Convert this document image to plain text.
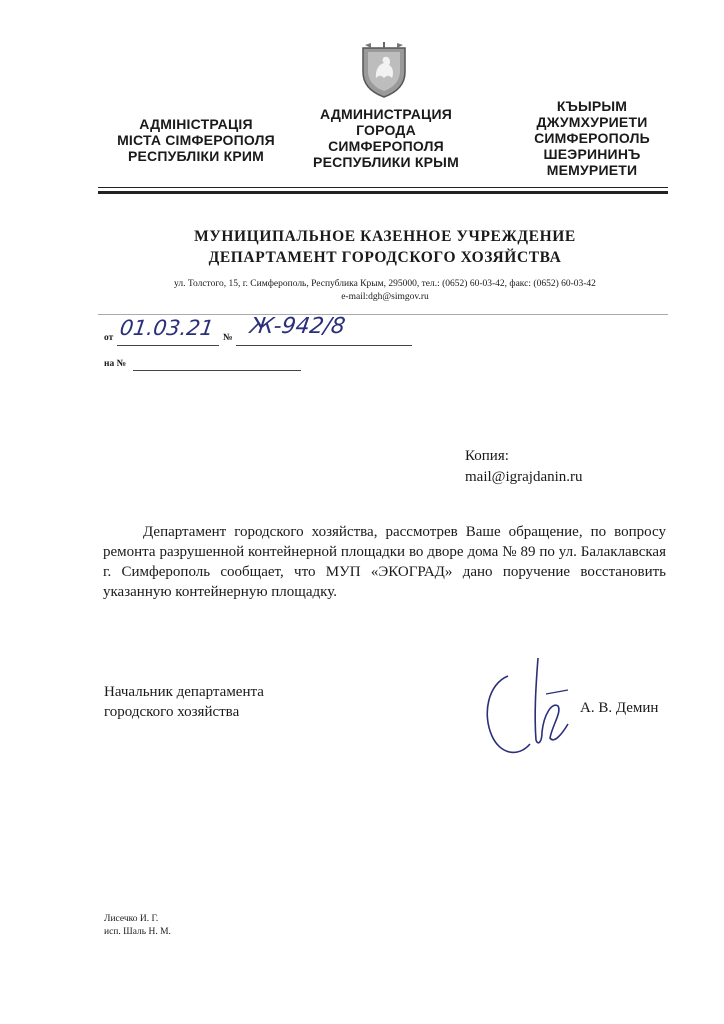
АДМІНІСТРАЦІЯ
МІСТА СІМФЕРОПОЛЯ
РЕСПУБЛІКИ КРИМ
АДМИНИСТРАЦИЯ
ГОРОДА
СИМФЕРОПОЛЯ
РЕСПУБЛИКИ КРЫМ
КЪЫРЫМ
ДЖУМХУРИЕТИ
СИМФЕРОПОЛЬ
ШЕЭРИНИНЪ
МЕМУРИЕТИ
МУНИЦИПАЛЬНОЕ КАЗЕННОЕ УЧРЕЖДЕНИЕ
ДЕПАРТАМЕНТ ГОРОДСКОГО ХОЗЯЙСТВА
ул. Толстого, 15, г. Симферополь, Республика Крым, 295000, тел.: (0652) 60-03-42, факс: (0652) 60-03-42
e-mail:dgh@simgov.ru
от 01.03.21 № Ж-942/8
на №
Копия:
mail@igrajdanin.ru
Департамент городского хозяйства, рассмотрев Ваше обращение, по вопросу ремонта разрушенной контейнерной площадки во дворе дома № 89 по ул. Балаклавская г. Симферополь сообщает, что МУП «ЭКОГРАД» дано поручение восстановить указанную контейнерную площадку.
Начальник департамента
городского хозяйства	А. В. Демин
Лисечко И. Г.
исп. Шаль Н. М.
